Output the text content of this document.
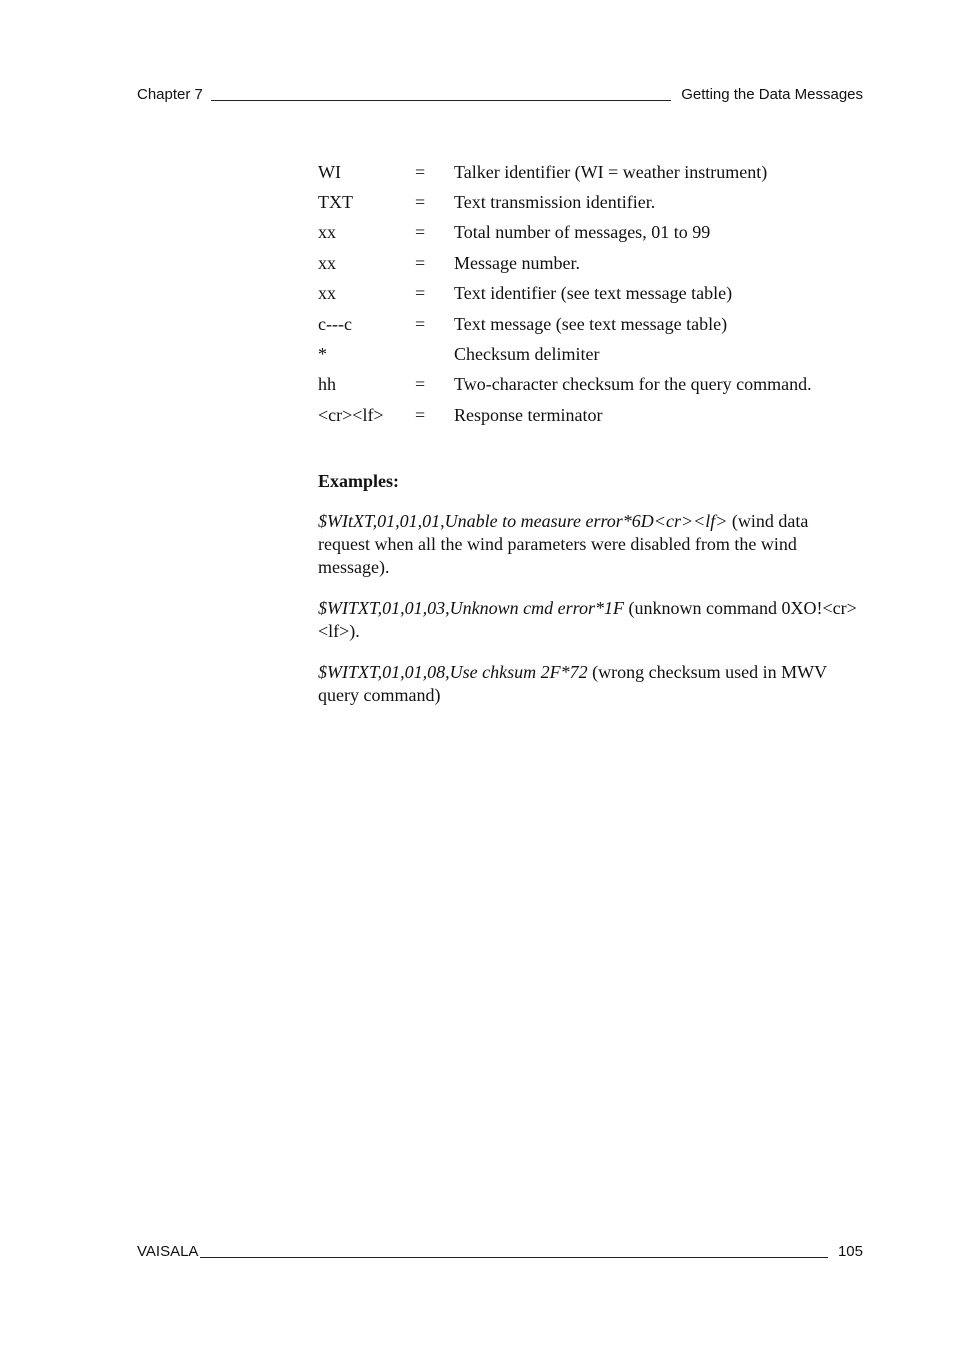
Chapter 7	Getting the Data Messages
WI	=	Talker identifier (WI = weather instrument)
TXT	=	Text transmission identifier.
xx	=	Total number of messages, 01 to 99
xx	=	Message number.
xx	=	Text identifier (see text message table)
c---c	=	Text message (see text message table)
*	Checksum delimiter
hh	=	Two-character checksum for the query command.
<cr><lf>	=	Response terminator
Examples:

$WItXT,01,01,01,Unable to measure error*6D<cr><lf> (wind data request when all the wind parameters were disabled from the wind message).

$WITXT,01,01,03,Unknown cmd error*1F (unknown command 0XO!<cr><lf>).

$WITXT,01,01,08,Use chksum 2F*72 (wrong checksum used in MWV query command)

VAISALA	105
